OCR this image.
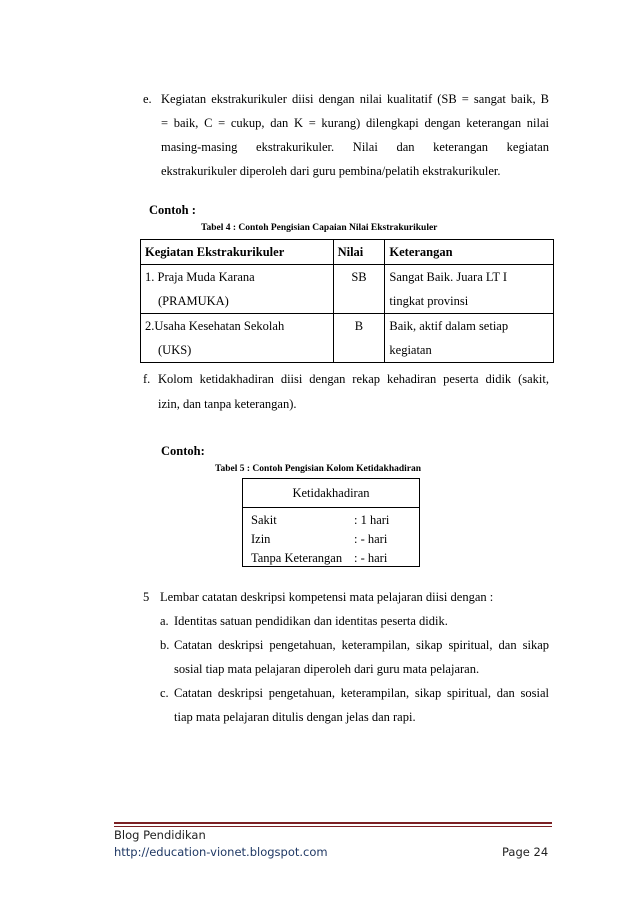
e. Kegiatan ekstrakurikuler diisi dengan nilai kualitatif (SB = sangat baik, B
= baik, C = cukup, dan K = kurang) dilengkapi dengan keterangan nilai
masing-masing ekstrakurikuler. Nilai dan keterangan kegiatan
ekstrakurikuler diperoleh dari guru pembina/pelatih ekstrakurikuler.
Contoh :
Tabel 4 : Contoh Pengisian Capaian Nilai Ekstrakurikuler
Kegiatan Ekstrakurikuler	Nilai	Keterangan

1. Praja Muda Karana
(PRAMUKA)	SB	Sangat Baik. Juara LT I
tingkat provinsi

2.Usaha Kesehatan Sekolah
(UKS)	B	Baik, aktif dalam setiap
kegiatan
f. Kolom ketidakhadiran diisi dengan rekap kehadiran peserta didik (sakit,
izin, dan tanpa keterangan).
Contoh:
Tabel 5 : Contoh Pengisian Kolom Ketidakhadiran
Ketidakhadiran
Sakit	: 1 hari
Izin	: - hari
Tanpa Keterangan : - hari
5 Lembar catatan deskripsi kompetensi mata pelajaran diisi dengan :
a. Identitas satuan pendidikan dan identitas peserta didik.
b. Catatan deskripsi pengetahuan, keterampilan, sikap spiritual, dan sikap
sosial tiap mata pelajaran diperoleh dari guru mata pelajaran.
c. Catatan deskripsi pengetahuan, keterampilan, sikap spiritual, dan sosial
tiap mata pelajaran ditulis dengan jelas dan rapi.
Blog Pendidikan
http://education-vionet.blogspot.com	Page 24
